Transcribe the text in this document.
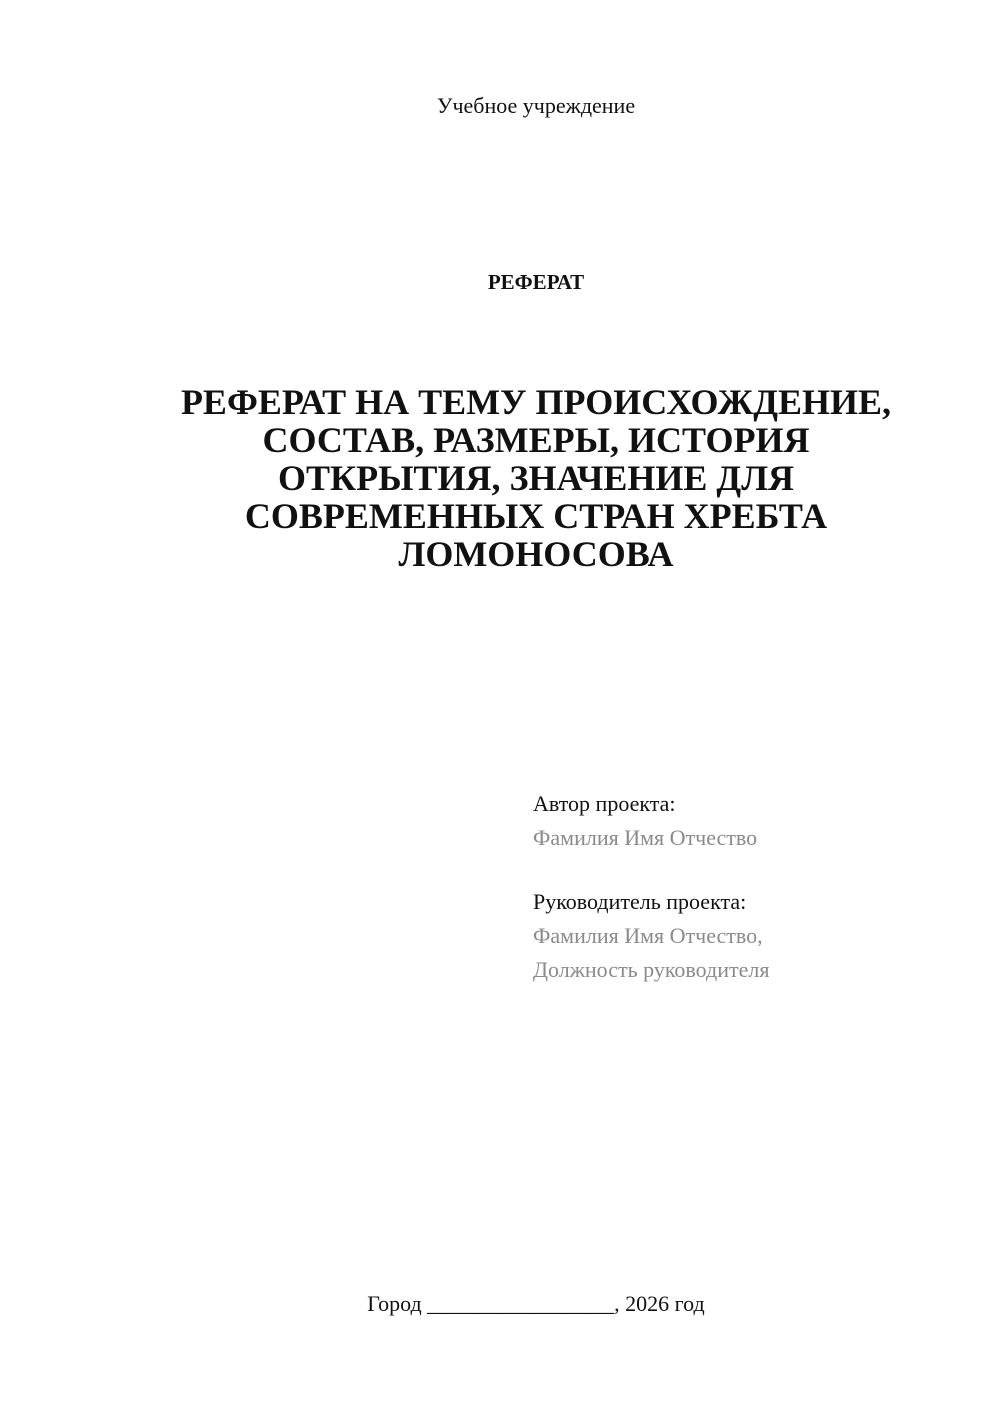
Учебное учреждение
РЕФЕРАТ
РЕФЕРАТ НА ТЕМУ ПРОИСХОЖДЕНИЕ,
СОСТАВ, РАЗМЕРЫ, ИСТОРИЯ
ОТКРЫТИЯ, ЗНАЧЕНИЕ ДЛЯ
СОВРЕМЕННЫХ СТРАН ХРЕБТА
ЛОМОНОСОВА
Автор проекта:
Фамилия Имя Отчество
Руководитель проекта:
Фамилия Имя Отчество,
Должность руководителя
Город _________________, 2026 год
